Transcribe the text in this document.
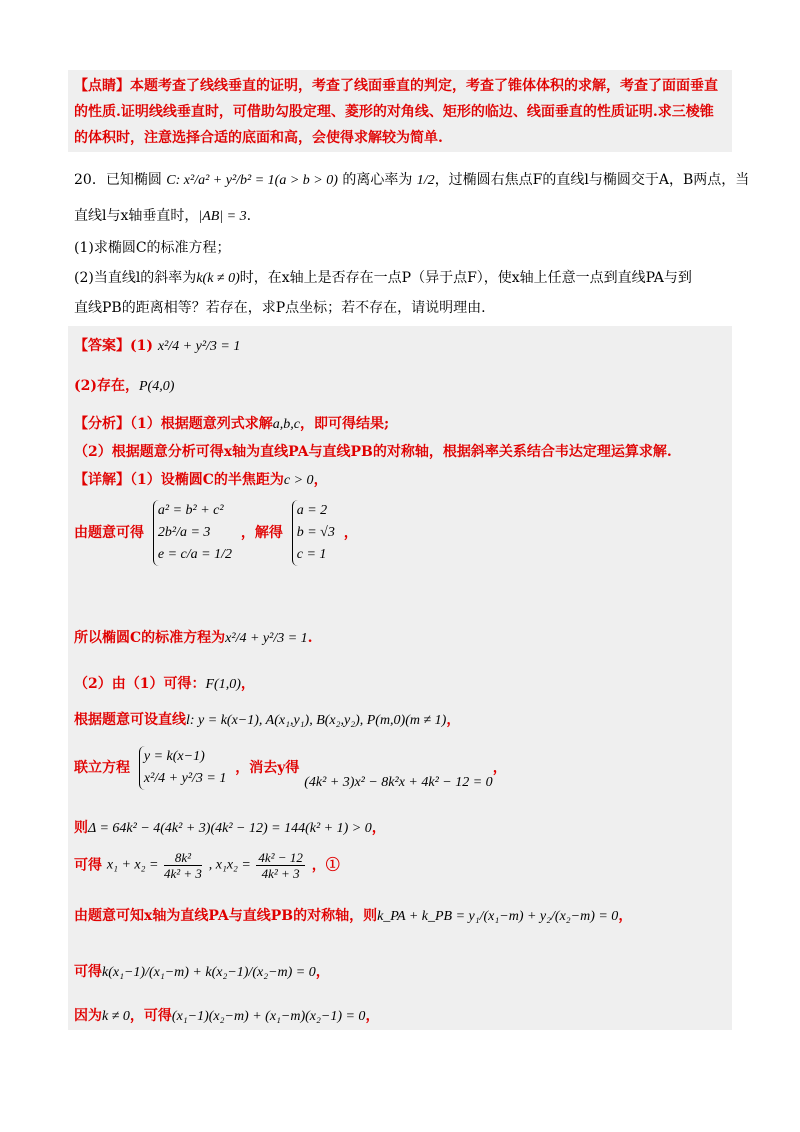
【点睛】本题考查了线线垂直的证明，考查了线面垂直的判定，考查了锥体体积的求解，考查了面面垂直
的性质.证明线线垂直时，可借助勾股定理、菱形的对角线、矩形的临边、线面垂直的性质证明.求三棱锥
的体积时，注意选择合适的底面和高，会使得求解较为简单.
20．已知椭圆 C: x²/a² + y²/b² = 1(a > b > 0) 的离心率为 1/2，过椭圆右焦点F的直线l与椭圆交于A，B两点，当
直线l与x轴垂直时，|AB| = 3.
(1)求椭圆C的标准方程；
(2)当直线l的斜率为k(k ≠ 0)时，在x轴上是否存在一点P（异于点F），使x轴上任意一点到直线PA与到
直线PB的距离相等？若存在，求P点坐标；若不存在，请说明理由.
【答案】(1) x²/4 + y²/3 = 1
(2)存在，P(4,0)
【分析】（1）根据题意列式求解a,b,c，即可得结果;
（2）根据题意分析可得x轴为直线PA与直线PB的对称轴，根据斜率关系结合韦达定理运算求解.
【详解】（1）设椭圆C的半焦距为c > 0，
由题意可得
a² = b² + c²
2b²/a = 3
e = c/a = 1/2
，解得
a = 2
b = √3
c = 1
，
所以椭圆C的标准方程为x²/4 + y²/3 = 1.
（2）由（1）可得：F(1,0)，
根据题意可设直线l: y = k(x−1), A(x₁,y₁), B(x₂,y₂), P(m,0)(m ≠ 1)，
联立方程
y = k(x−1)
x²/4 + y²/3 = 1
，消去y得 (4k² + 3)x² − 8k²x + 4k² − 12 = 0，
则Δ = 64k² − 4(4k² + 3)(4k² − 12) = 144(k² + 1) > 0，
可得 $x_1 + x_2 = \frac{\text{8k²}}{\text{4k² + 3}}$ , $x_1x_2 = \frac{\text{4k² − 12}}{\text{4k² + 3}}$ ，①
由题意可知x轴为直线PA与直线PB的对称轴，则k_PA + k_PB = y₁/(x₁−m) + y₂/(x₂−m) = 0，
可得k(x₁−1)/(x₁−m) + k(x₂−1)/(x₂−m) = 0，
因为k ≠ 0，可得(x₁−1)(x₂−m) + (x₁−m)(x₂−1) = 0，
